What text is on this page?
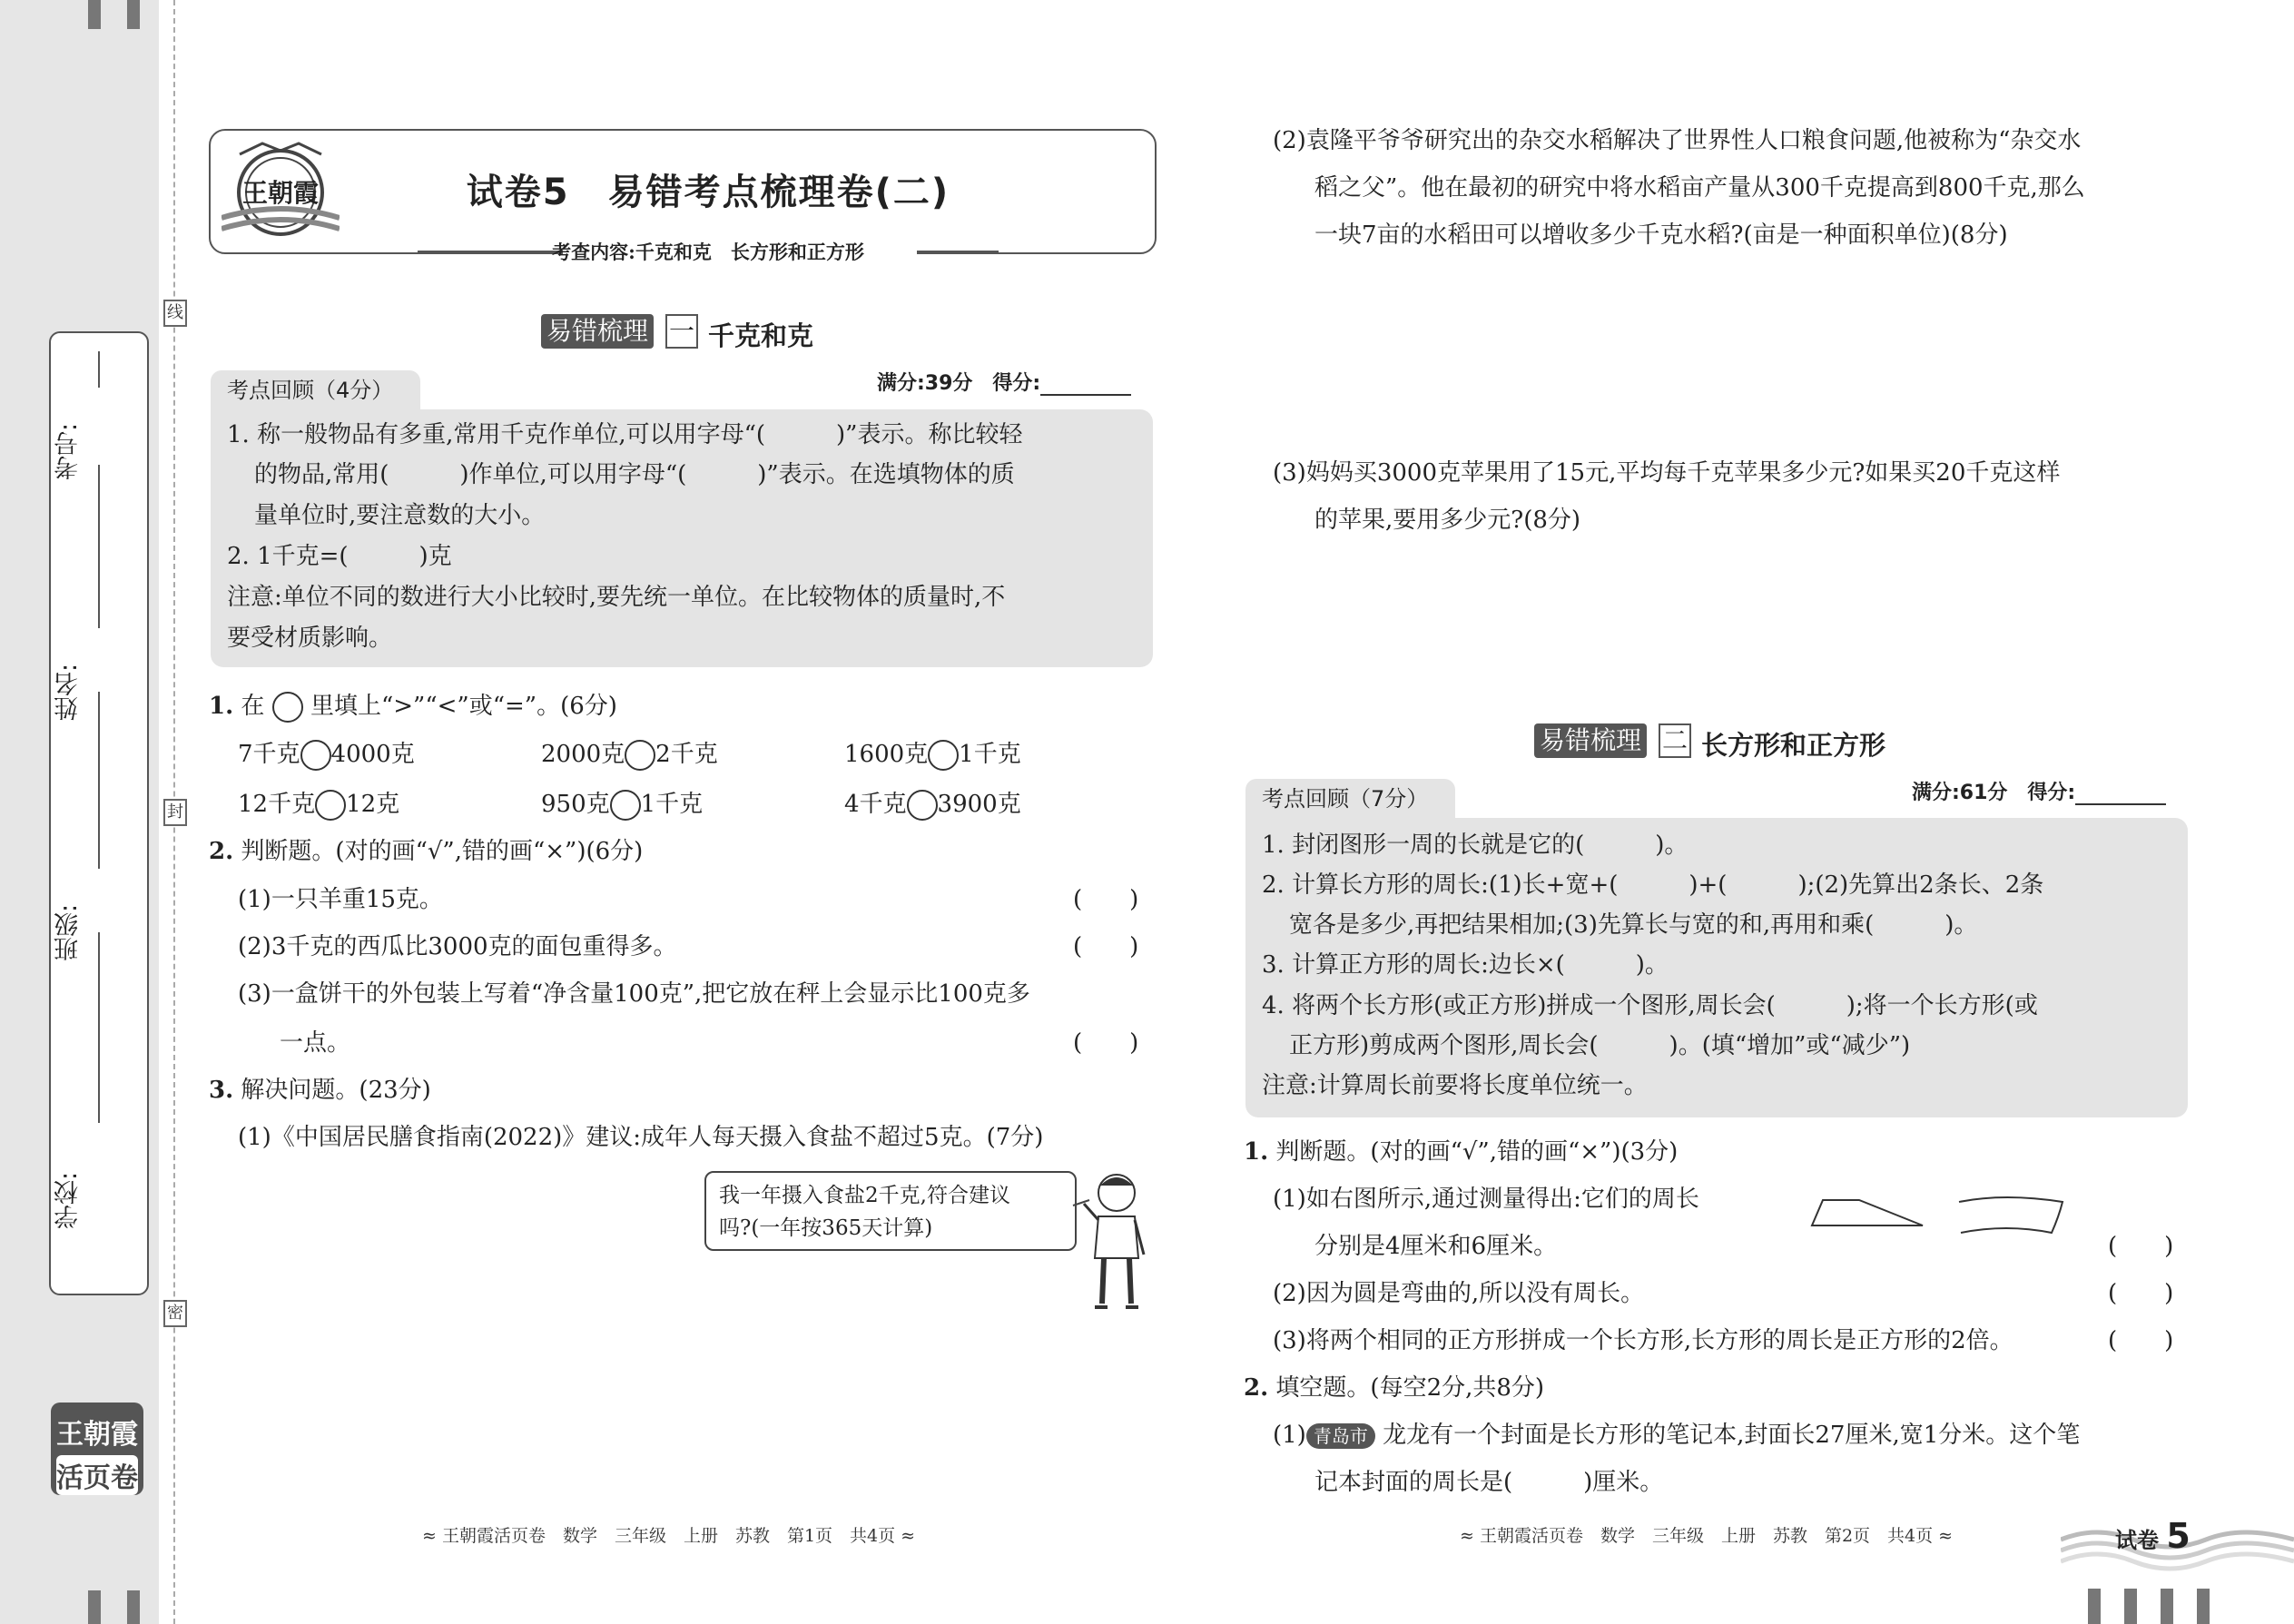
线
封
密
学校:
班级:
姓名:
考号:
王朝霞
活页卷
王朝霞	试卷5　易错考点梳理卷(二)
考查内容:千克和克　长方形和正方形
易错梳理 一 千克和克
考点回顾（4分）	满分:39分　得分:
1. 称一般物品有多重,常用千克作单位,可以用字母“(　　　)”表示。称比较轻
的物品,常用(　　　)作单位,可以用字母“(　　　)”表示。在选填物体的质
量单位时,要注意数的大小。
2. 1千克=(　　　)克
注意:单位不同的数进行大小比较时,要先统一单位。在比较物体的质量时,不
要受材质影响。
1. 在 里填上“>”“<”或“=”。(6分)
7千克 4000克	2000克 2千克	1600克 1千克
12千克 12克	950克 1千克	4千克 3900克
2. 判断题。(对的画“√”,错的画“×”)(6分)
(1)一只羊重15克。	(　　)
(2)3千克的西瓜比3000克的面包重得多。	(　　)
(3)一盒饼干的外包装上写着“净含量100克”,把它放在秤上会显示比100克多
一点。	(　　)
3. 解决问题。(23分)
(1)《中国居民膳食指南(2022)》建议:成年人每天摄入食盐不超过5克。(7分)
我一年摄入食盐2千克,符合建议
吗?(一年按365天计算)
(2)袁隆平爷爷研究出的杂交水稻解决了世界性人口粮食问题,他被称为“杂交水
稻之父”。他在最初的研究中将水稻亩产量从300千克提高到800千克,那么
一块7亩的水稻田可以增收多少千克水稻?(亩是一种面积单位)(8分)
(3)妈妈买3000克苹果用了15元,平均每千克苹果多少元?如果买20千克这样
的苹果,要用多少元?(8分)
易错梳理 二 长方形和正方形
考点回顾（7分）	满分:61分　得分:
1. 封闭图形一周的长就是它的(　　　)。
2. 计算长方形的周长:(1)长+宽+(　　　)+(　　　);(2)先算出2条长、2条
宽各是多少,再把结果相加;(3)先算长与宽的和,再用和乘(　　　)。
3. 计算正方形的周长:边长×(　　　)。
4. 将两个长方形(或正方形)拼成一个图形,周长会(　　　);将一个长方形(或
正方形)剪成两个图形,周长会(　　　)。(填“增加”或“减少”)
注意:计算周长前要将长度单位统一。
1. 判断题。(对的画“√”,错的画“×”)(3分)
(1)如右图所示,通过测量得出:它们的周长
分别是4厘米和6厘米。	(　　)
(2)因为圆是弯曲的,所以没有周长。	(　　)
(3)将两个相同的正方形拼成一个长方形,长方形的周长是正方形的2倍。	(　　)
2. 填空题。(每空2分,共8分)
(1) 青岛市 龙龙有一个封面是长方形的笔记本,封面长27厘米,宽1分米。这个笔
记本封面的周长是(　　　)厘米。
≈ 王朝霞活页卷　数学　三年级　上册　苏教　第1页　共4页 ≈	≈ 王朝霞活页卷　数学　三年级　上册　苏教　第2页　共4页 ≈	试卷 5
